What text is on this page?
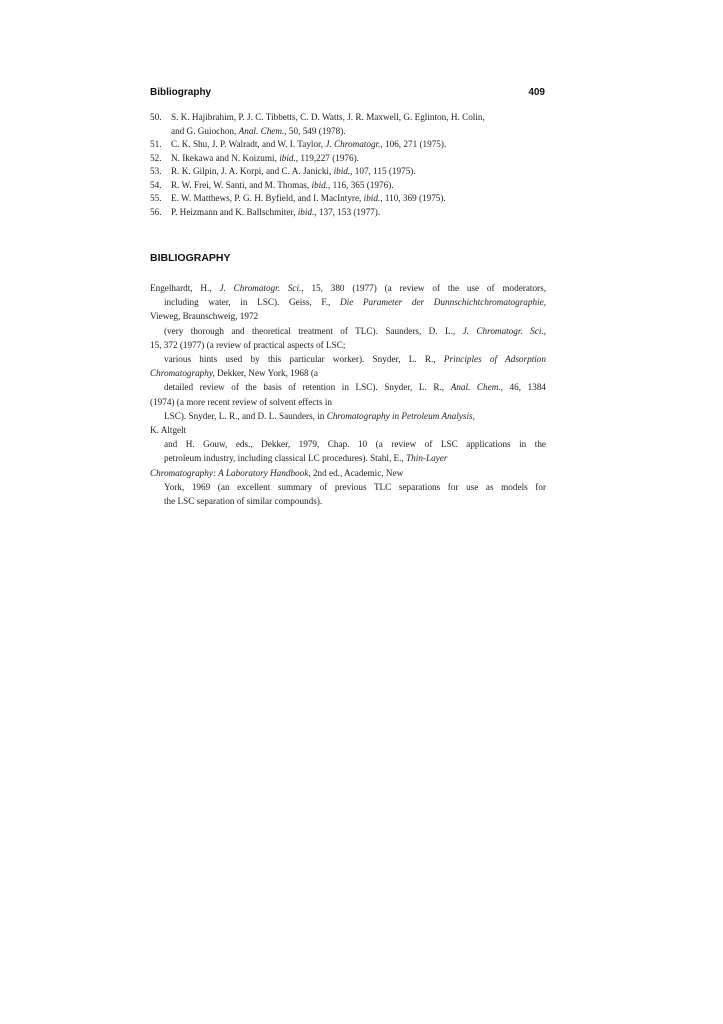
Bibliography	409
50.	S. K. Hajibrahim, P. J. C. Tibbetts, C. D. Watts, J. R. Maxwell, G. Eglinton, H. Colin,
and G. Guiochon, Anal. Chem., 50, 549 (1978).
51.	C. K. Shu, J. P. Walradt, and W. I. Taylor, J. Chromatogr., 106, 271 (1975).
52.	N. Ikekawa and N. Koizumi, ibid., 119,227 (1976).
53.	R. K. Gilpin, J. A. Korpi, and C. A. Janicki, ibid., 107, 115 (1975).
54.	R. W. Frei, W. Santi, and M. Thomas, ibid., 116, 365 (1976).
55.	E. W. Matthews, P. G. H. Byfield, and I. MacIntyre, ibid., 110, 369 (1975).
56.	P. Heizmann and K. Ballschmiter, ibid., 137, 153 (1977).
BIBLIOGRAPHY
Engelhardt, H., J. Chromatogr. Sci., 15, 380 (1977) (a review of the use of moderators,
including water, in LSC). Geiss, F., Die Parameter der Dunnschichtchromatographie,
Vieweg, Braunschweig, 1972
(very thorough and theoretical treatment of TLC). Saunders, D. L., J. Chromatogr. Sci.,
15, 372 (1977) (a review of practical aspects of LSC;
various hints used by this particular worker). Snyder, L. R., Principles of Adsorption
Chromatography, Dekker, New York, 1968 (a
detailed review of the basis of retention in LSC). Snyder, L. R., Anal. Chem., 46, 1384
(1974) (a more recent review of solvent effects in
LSC). Snyder, L. R., and D. L. Saunders, in Chromatography in Petroleum Analysis,
K. Altgelt
and H. Gouw, eds., Dekker, 1979, Chap. 10 (a review of LSC applications in the
petroleum industry, including classical LC procedures). Stahl, E., Thin-Layer
Chromatography: A Laboratory Handbook, 2nd ed., Academic, New
York, 1969 (an excellent summary of previous TLC separations for use as models for
the LSC separation of similar compounds).
